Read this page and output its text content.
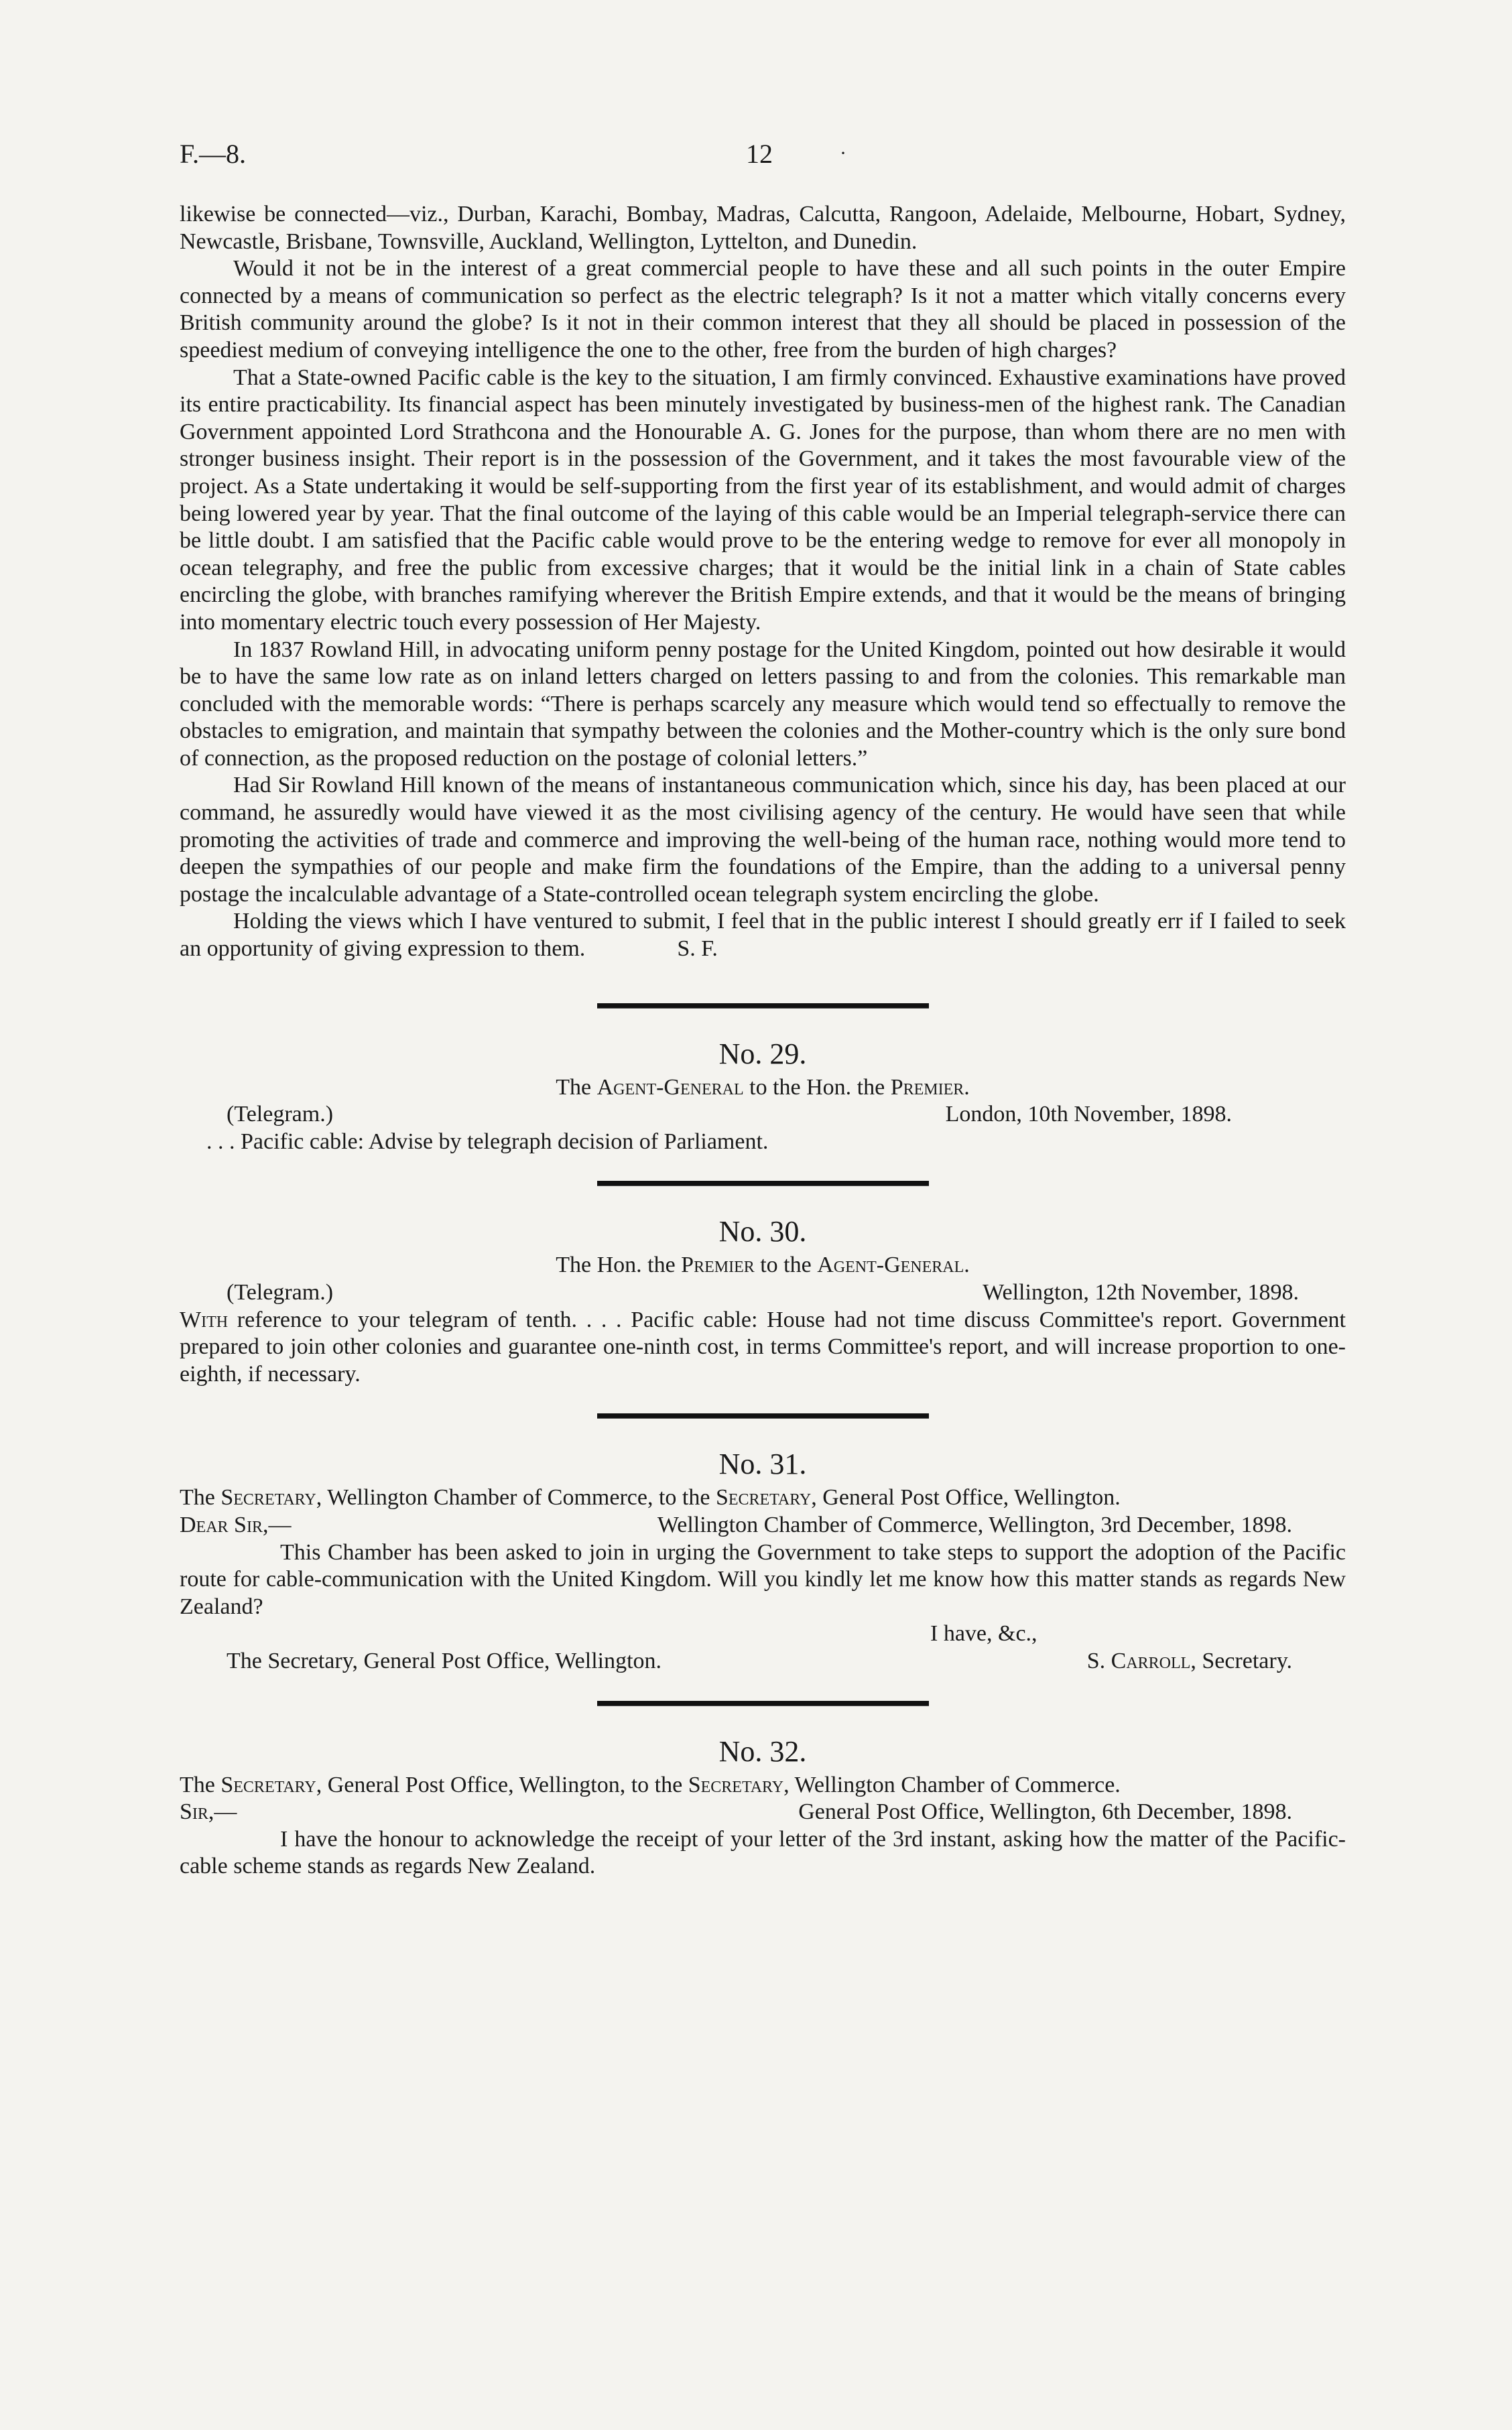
F.—8.	12	·

likewise be connected—viz., Durban, Karachi, Bombay, Madras, Calcutta, Rangoon, Adelaide, Melbourne, Hobart, Sydney, Newcastle, Brisbane, Townsville, Auckland, Wellington, Lyttelton, and Dunedin.

Would it not be in the interest of a great commercial people to have these and all such points in the outer Empire connected by a means of communication so perfect as the electric telegraph? Is it not a matter which vitally concerns every British community around the globe? Is it not in their common interest that they all should be placed in possession of the speediest medium of conveying intelligence the one to the other, free from the burden of high charges?

That a State-owned Pacific cable is the key to the situation, I am firmly convinced. Exhaustive examinations have proved its entire practicability. Its financial aspect has been minutely investigated by business-men of the highest rank. The Canadian Government appointed Lord Strathcona and the Honourable A. G. Jones for the purpose, than whom there are no men with stronger business insight. Their report is in the possession of the Government, and it takes the most favourable view of the project. As a State undertaking it would be self-supporting from the first year of its establishment, and would admit of charges being lowered year by year. That the final outcome of the laying of this cable would be an Imperial telegraph-service there can be little doubt. I am satisfied that the Pacific cable would prove to be the entering wedge to remove for ever all monopoly in ocean telegraphy, and free the public from excessive charges; that it would be the initial link in a chain of State cables encircling the globe, with branches ramifying wherever the British Empire extends, and that it would be the means of bringing into momentary electric touch every possession of Her Majesty.

In 1837 Rowland Hill, in advocating uniform penny postage for the United Kingdom, pointed out how desirable it would be to have the same low rate as on inland letters charged on letters passing to and from the colonies. This remarkable man concluded with the memorable words: “There is perhaps scarcely any measure which would tend so effectually to remove the obstacles to emigration, and maintain that sympathy between the colonies and the Mother-country which is the only sure bond of connection, as the proposed reduction on the postage of colonial letters.”

Had Sir Rowland Hill known of the means of instantaneous communication which, since his day, has been placed at our command, he assuredly would have viewed it as the most civilising agency of the century. He would have seen that while promoting the activities of trade and commerce and improving the well-being of the human race, nothing would more tend to deepen the sympathies of our people and make firm the foundations of the Empire, than the adding to a universal penny postage the incalculable advantage of a State-controlled ocean telegraph system encircling the globe.

Holding the views which I have ventured to submit, I feel that in the public interest I should greatly err if I failed to seek an opportunity of giving expression to them.	S. F.

No. 29.
The Agent-General to the Hon. the Premier.
(Telegram.)	London, 10th November, 1898.

. . . Pacific cable: Advise by telegraph decision of Parliament.

No. 30.
The Hon. the Premier to the Agent-General.
(Telegram.)	Wellington, 12th November, 1898.

With reference to your telegram of tenth. . . . Pacific cable: House had not time discuss Committee's report. Government prepared to join other colonies and guarantee one-ninth cost, in terms Committee's report, and will increase proportion to one-eighth, if necessary.

No. 31.

The Secretary, Wellington Chamber of Commerce, to the Secretary, General Post Office, Wellington.

Dear Sir,—	Wellington Chamber of Commerce, Wellington, 3rd December, 1898.

This Chamber has been asked to join in urging the Government to take steps to support the adoption of the Pacific route for cable-communication with the United Kingdom. Will you kindly let me know how this matter stands as regards New Zealand?

I have, &c.,
The Secretary, General Post Office, Wellington.	S. Carroll, Secretary.
No. 32.

The Secretary, General Post Office, Wellington, to the Secretary, Wellington Chamber of Commerce.

Sir,—	General Post Office, Wellington, 6th December, 1898.

I have the honour to acknowledge the receipt of your letter of the 3rd instant, asking how the matter of the Pacific-cable scheme stands as regards New Zealand.
